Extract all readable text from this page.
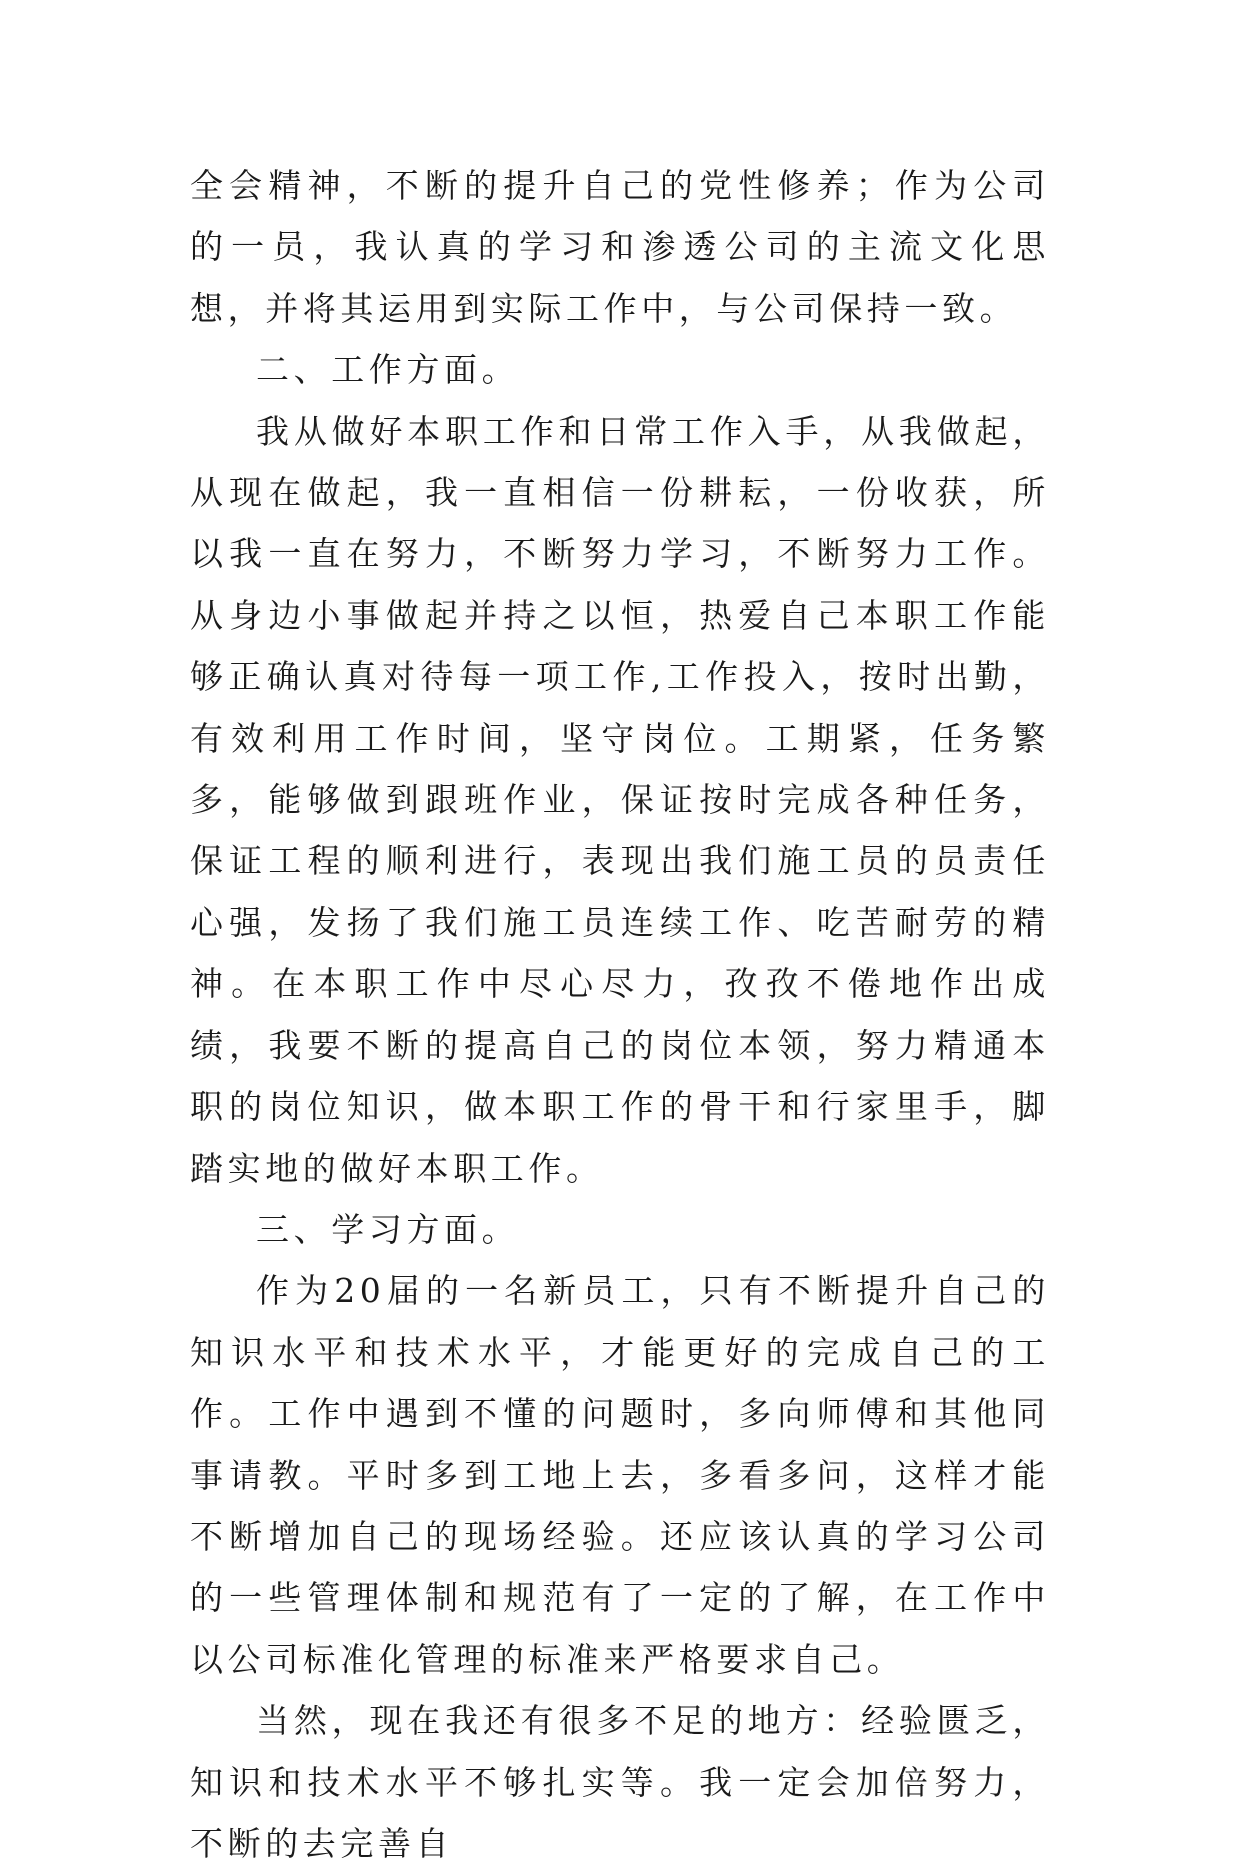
全会精神，不断的提升自己的党性修养；作为公司的一员，我认真的学习和渗透公司的主流文化思想，并将其运用到实际工作中，与公司保持一致。

二、工作方面。

我从做好本职工作和日常工作入手，从我做起，从现在做起，我一直相信一份耕耘，一份收获，所以我一直在努力，不断努力学习，不断努力工作。从身边小事做起并持之以恒，热爱自己本职工作能够正确认真对待每一项工作,工作投入，按时出勤，有效利用工作时间，坚守岗位。工期紧，任务繁多，能够做到跟班作业，保证按时完成各种任务，保证工程的顺利进行，表现出我们施工员的员责任心强，发扬了我们施工员连续工作、吃苦耐劳的精神。在本职工作中尽心尽力，孜孜不倦地作出成绩，我要不断的提高自己的岗位本领，努力精通本职的岗位知识，做本职工作的骨干和行家里手，脚踏实地的做好本职工作。

三、学习方面。

作为20届的一名新员工，只有不断提升自己的知识水平和技术水平，才能更好的完成自己的工作。工作中遇到不懂的问题时，多向师傅和其他同事请教。平时多到工地上去，多看多问，这样才能不断增加自己的现场经验。还应该认真的学习公司的一些管理体制和规范有了一定的了解，在工作中以公司标准化管理的标准来严格要求自己。

当然，现在我还有很多不足的地方：经验匮乏，知识和技术水平不够扎实等。我一定会加倍努力，不断的去完善自
